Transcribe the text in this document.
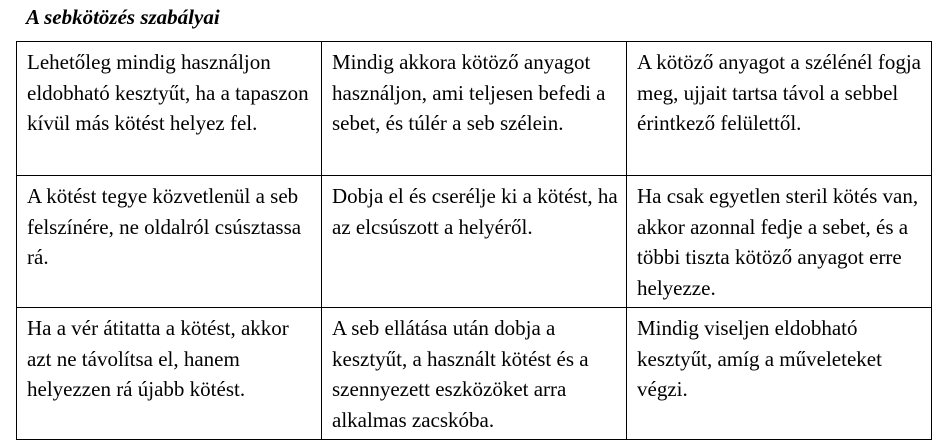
A sebkötözés szabályai
Lehetőleg mindig használjon eldobható kesztyűt, ha a tapaszon kívül más kötést helyez fel.	Mindig akkora kötöző anyagot használjon, ami teljesen befedi a sebet, és túlér a seb szélein.	A kötöző anyagot a szélénél fogja meg, ujjait tartsa távol a sebbel érintkező felülettől.
A kötést tegye közvetlenül a seb felszínére, ne oldalról csúsztassa rá.	Dobja el és cserélje ki a kötést, ha az elcsúszott a helyéről.	Ha csak egyetlen steril kötés van, akkor azonnal fedje a sebet, és a többi tiszta kötöző anyagot erre helyezze.
Ha a vér átitatta a kötést, akkor azt ne távolítsa el, hanem helyezzen rá újabb kötést.	A seb ellátása után dobja a kesztyűt, a használt kötést és a szennyezett eszközöket arra alkalmas zacskóba.	Mindig viseljen eldobható kesztyűt, amíg a műveleteket végzi.
